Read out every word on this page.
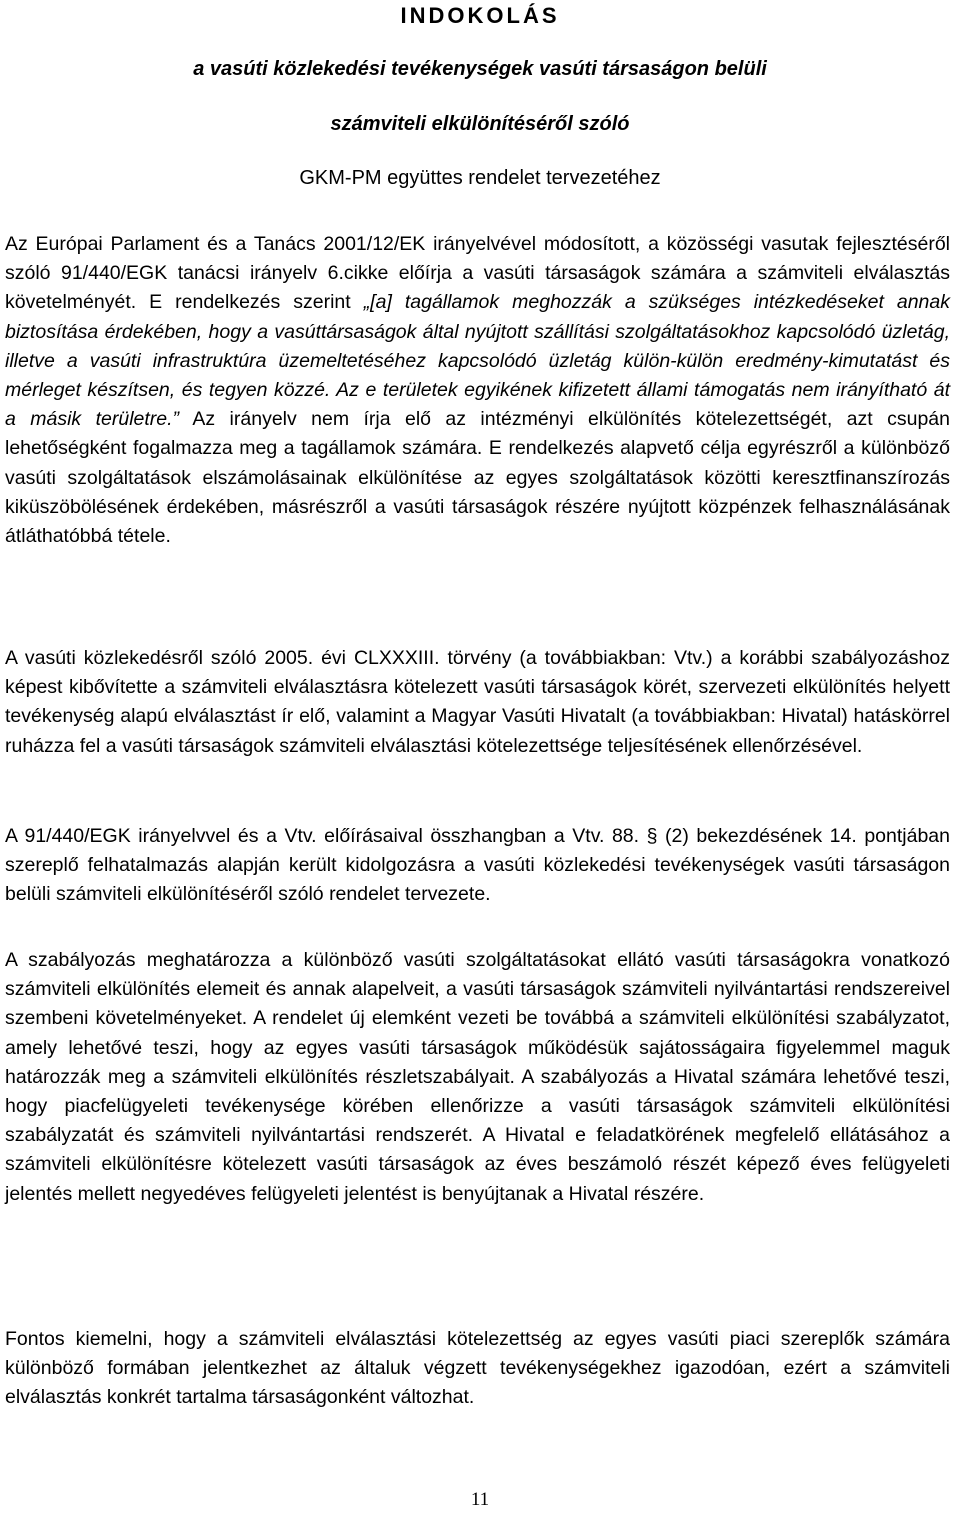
INDOKOLÁS
a vasúti közlekedési tevékenységek vasúti társaságon belüli
számviteli elkülönítéséről szóló
GKM-PM együttes rendelet tervezetéhez

Az Európai Parlament és a Tanács 2001/12/EK irányelvével módosított, a közösségi vasutak fejlesztéséről szóló 91/440/EGK tanácsi irányelv 6.cikke előírja a vasúti társaságok számára a számviteli elválasztás követelményét. E rendelkezés szerint „[a] tagállamok meghozzák a szükséges intézkedéseket annak biztosítása érdekében, hogy a vasúttársaságok által nyújtott szállítási szolgáltatásokhoz kapcsolódó üzletág, illetve a vasúti infrastruktúra üzemeltetéséhez kapcsolódó üzletág külön-külön eredmény-kimutatást és mérleget készítsen, és tegyen közzé. Az e területek egyikének kifizetett állami támogatás nem irányítható át a másik területre.” Az irányelv nem írja elő az intézményi elkülönítés kötelezettségét, azt csupán lehetőségként fogalmazza meg a tagállamok számára. E rendelkezés alapvető célja egyrészről a különböző vasúti szolgáltatások elszámolásainak elkülönítése az egyes szolgáltatások közötti keresztfinanszírozás kiküszöbölésének érdekében, másrészről a vasúti társaságok részére nyújtott közpénzek felhasználásának átláthatóbbá tétele.

A vasúti közlekedésről szóló 2005. évi CLXXXIII. törvény (a továbbiakban: Vtv.) a korábbi szabályozáshoz képest kibővítette a számviteli elválasztásra kötelezett vasúti társaságok körét, szervezeti elkülönítés helyett tevékenység alapú elválasztást ír elő, valamint a Magyar Vasúti Hivatalt (a továbbiakban: Hivatal) hatáskörrel ruházza fel a vasúti társaságok számviteli elválasztási kötelezettsége teljesítésének ellenőrzésével.

A 91/440/EGK irányelvvel és a Vtv. előírásaival összhangban a Vtv. 88. § (2) bekezdésének 14. pontjában szereplő felhatalmazás alapján került kidolgozásra a vasúti közlekedési tevékenységek vasúti társaságon belüli számviteli elkülönítéséről szóló rendelet tervezete.

A szabályozás meghatározza a különböző vasúti szolgáltatásokat ellátó vasúti társaságokra vonatkozó számviteli elkülönítés elemeit és annak alapelveit, a vasúti társaságok számviteli nyilvántartási rendszereivel szembeni követelményeket. A rendelet új elemként vezeti be továbbá a számviteli elkülönítési szabályzatot, amely lehetővé teszi, hogy az egyes vasúti társaságok működésük sajátosságaira figyelemmel maguk határozzák meg a számviteli elkülönítés részletszabályait. A szabályozás a Hivatal számára lehetővé teszi, hogy piacfelügyeleti tevékenysége körében ellenőrizze a vasúti társaságok számviteli elkülönítési szabályzatát és számviteli nyilvántartási rendszerét. A Hivatal e feladatkörének megfelelő ellátásához a számviteli elkülönítésre kötelezett vasúti társaságok az éves beszámoló részét képező éves felügyeleti jelentés mellett negyedéves felügyeleti jelentést is benyújtanak a Hivatal részére.

Fontos kiemelni, hogy a számviteli elválasztási kötelezettség az egyes vasúti piaci szereplők számára különböző formában jelentkezhet az általuk végzett tevékenységekhez igazodóan, ezért a számviteli elválasztás konkrét tartalma társaságonként változhat.

11
